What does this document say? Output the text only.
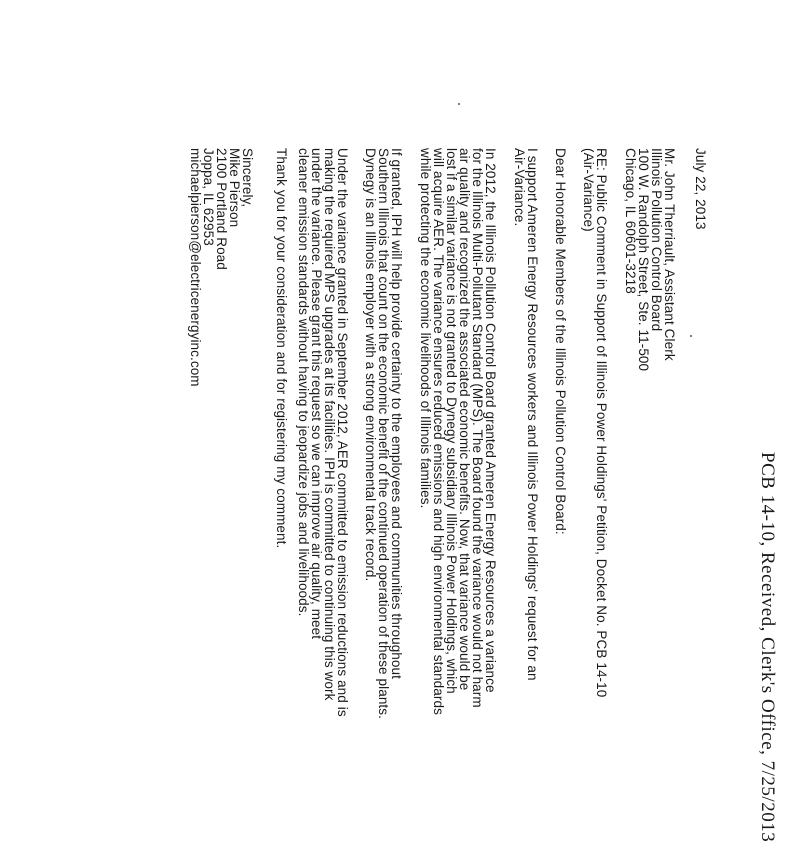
PCB 14-10, Received, Clerk's Office, 7/25/2013
July 22, 2013
Mr. John Therriault, Assistant Clerk
Illinois Pollution Control Board
100 W. Randolph Street, Ste. 11-500
Chicago, IL 60601-3218
RE: Public Comment in Support of Illinois Power Holdings' Petition, Docket No. PCB 14-10
(Air-Variance)
Dear Honorable Members of the Illinois Pollution Control Board:
I support Ameren Energy Resources workers and Illinois Power Holdings' request for an
Air-Variance.
In 2012, the Illinois Pollution Control Board granted Ameren Energy Resources a variance
for the Illinois Multi-Pollutant Standard (MPS). The Board found the variance would not harm
air quality and recognized the associated economic benefits. Now, that variance would be
lost if a similar variance is not granted to Dynegy subsidiary Illinois Power Holdings, which
will acquire AER. The variance ensures reduced emissions and high environmental standards
while protecting the economic livelihoods of Illinois families.
If granted, IPH will help provide certainty to the employees and communities throughout
Southern Illinois that count on the economic benefit of the continued operation of these plants.
Dynegy is an Illinois employer with a strong environmental track record.
Under the variance granted in September 2012, AER committed to emission reductions and is
making the required MPS upgrades at its facilities. IPH is committed to continuing this work
under the variance. Please grant this request so we can improve air quality, meet
cleaner emission standards without having to jeopardize jobs and livelihoods.
Thank you for your consideration and for registering my comment.
Sincerely,
Mike Pierson
2100 Portland Road
Joppa, IL 62953
michaelpierson@electricenergyinc.com
